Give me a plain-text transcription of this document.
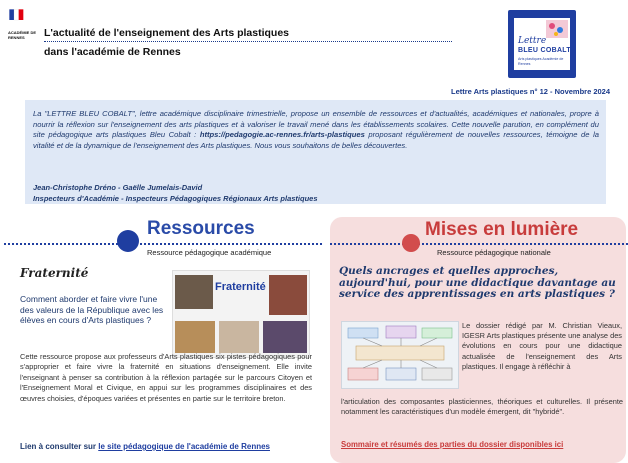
ACADÉMIE DE RENNES	L'actualité de l'enseignement des Arts plastiques
dans l'académie de Rennes
Lettre
BLEU COBALT
Arts plastiques Académie de Rennes
Lettre Arts plastiques n° 12 - Novembre 2024
La "LETTRE BLEU COBALT", lettre académique disciplinaire trimestrielle, propose un ensemble de ressources et d'actualités, académiques et nationales, propre à nourrir la réflexion sur l'enseignement des arts plastiques et à valoriser le travail mené dans les établissements scolaires. Cette nouvelle parution, en complément du site pédagogique arts plastiques Bleu Cobalt : https://pedagogie.ac-rennes.fr/arts-plastiques proposant régulièrement de nouvelles ressources, témoigne de la vitalité et de la dynamique de l'enseignement des Arts plastiques. Nous vous souhaitons de belles découvertes.
Jean-Christophe Dréno - Gaëlle Jumelais-David
Inspecteurs d'Académie - Inspecteurs Pédagogiques Régionaux Arts plastiques
Ressources
Ressource pédagogique académique
Fraternité
Comment aborder et faire vivre l'une des valeurs de la République avec les élèves en cours d'Arts plastiques ?
Fraternité
Cette ressource propose aux professeurs d'Arts plastiques six pistes pédagogiques pour s'approprier et faire vivre la fraternité en situations d'enseignement. Elle invite l'enseignant à penser sa contribution à la réflexion partagée sur le parcours Citoyen et l'Enseignement Moral et Civique, en appui sur les programmes disciplinaires et des œuvres choisies, d'époques variées et présentes en partie sur le territoire breton.
Lien à consulter sur le site pédagogique de l'académie de Rennes
Mises en lumière
Ressource pédagogique nationale
Quels ancrages et quelles approches, aujourd'hui, pour une didactique davantage au service des apprentissages en arts plastiques ?
Le dossier rédigé par M. Christian Vieaux, IGESR Arts plastiques présente une analyse des évolutions en cours pour une didactique actualisée de l'enseignement des Arts plastiques. Il engage à réfléchir à
l'articulation des composantes plasticiennes, théoriques et culturelles. Il présente notamment les caractéristiques d'un modèle émergent, dit "hybridé".
Sommaire et résumés des parties du dossier disponibles ici
